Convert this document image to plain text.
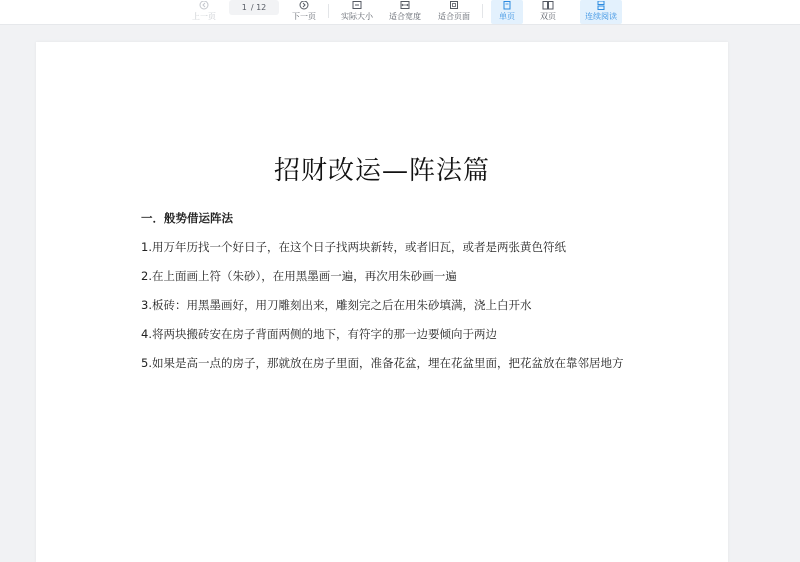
上一页
1 / 12
下一页	实际大小 适合宽度 适合页面	单页	双页	连续阅读
招财改运—阵法篇
一．般势借运阵法

1.用万年历找一个好日子，在这个日子找两块新转，或者旧瓦，或者是两张黄色符纸

2.在上面画上符（朱砂），在用黑墨画一遍，再次用朱砂画一遍

3.板砖：用黑墨画好，用刀雕刻出来，雕刻完之后在用朱砂填满，浇上白开水

4.将两块搬砖安在房子背面两侧的地下，有符字的那一边要倾向于两边

5.如果是高一点的房子，那就放在房子里面，准备花盆，埋在花盆里面，把花盆放在靠邻居地方
